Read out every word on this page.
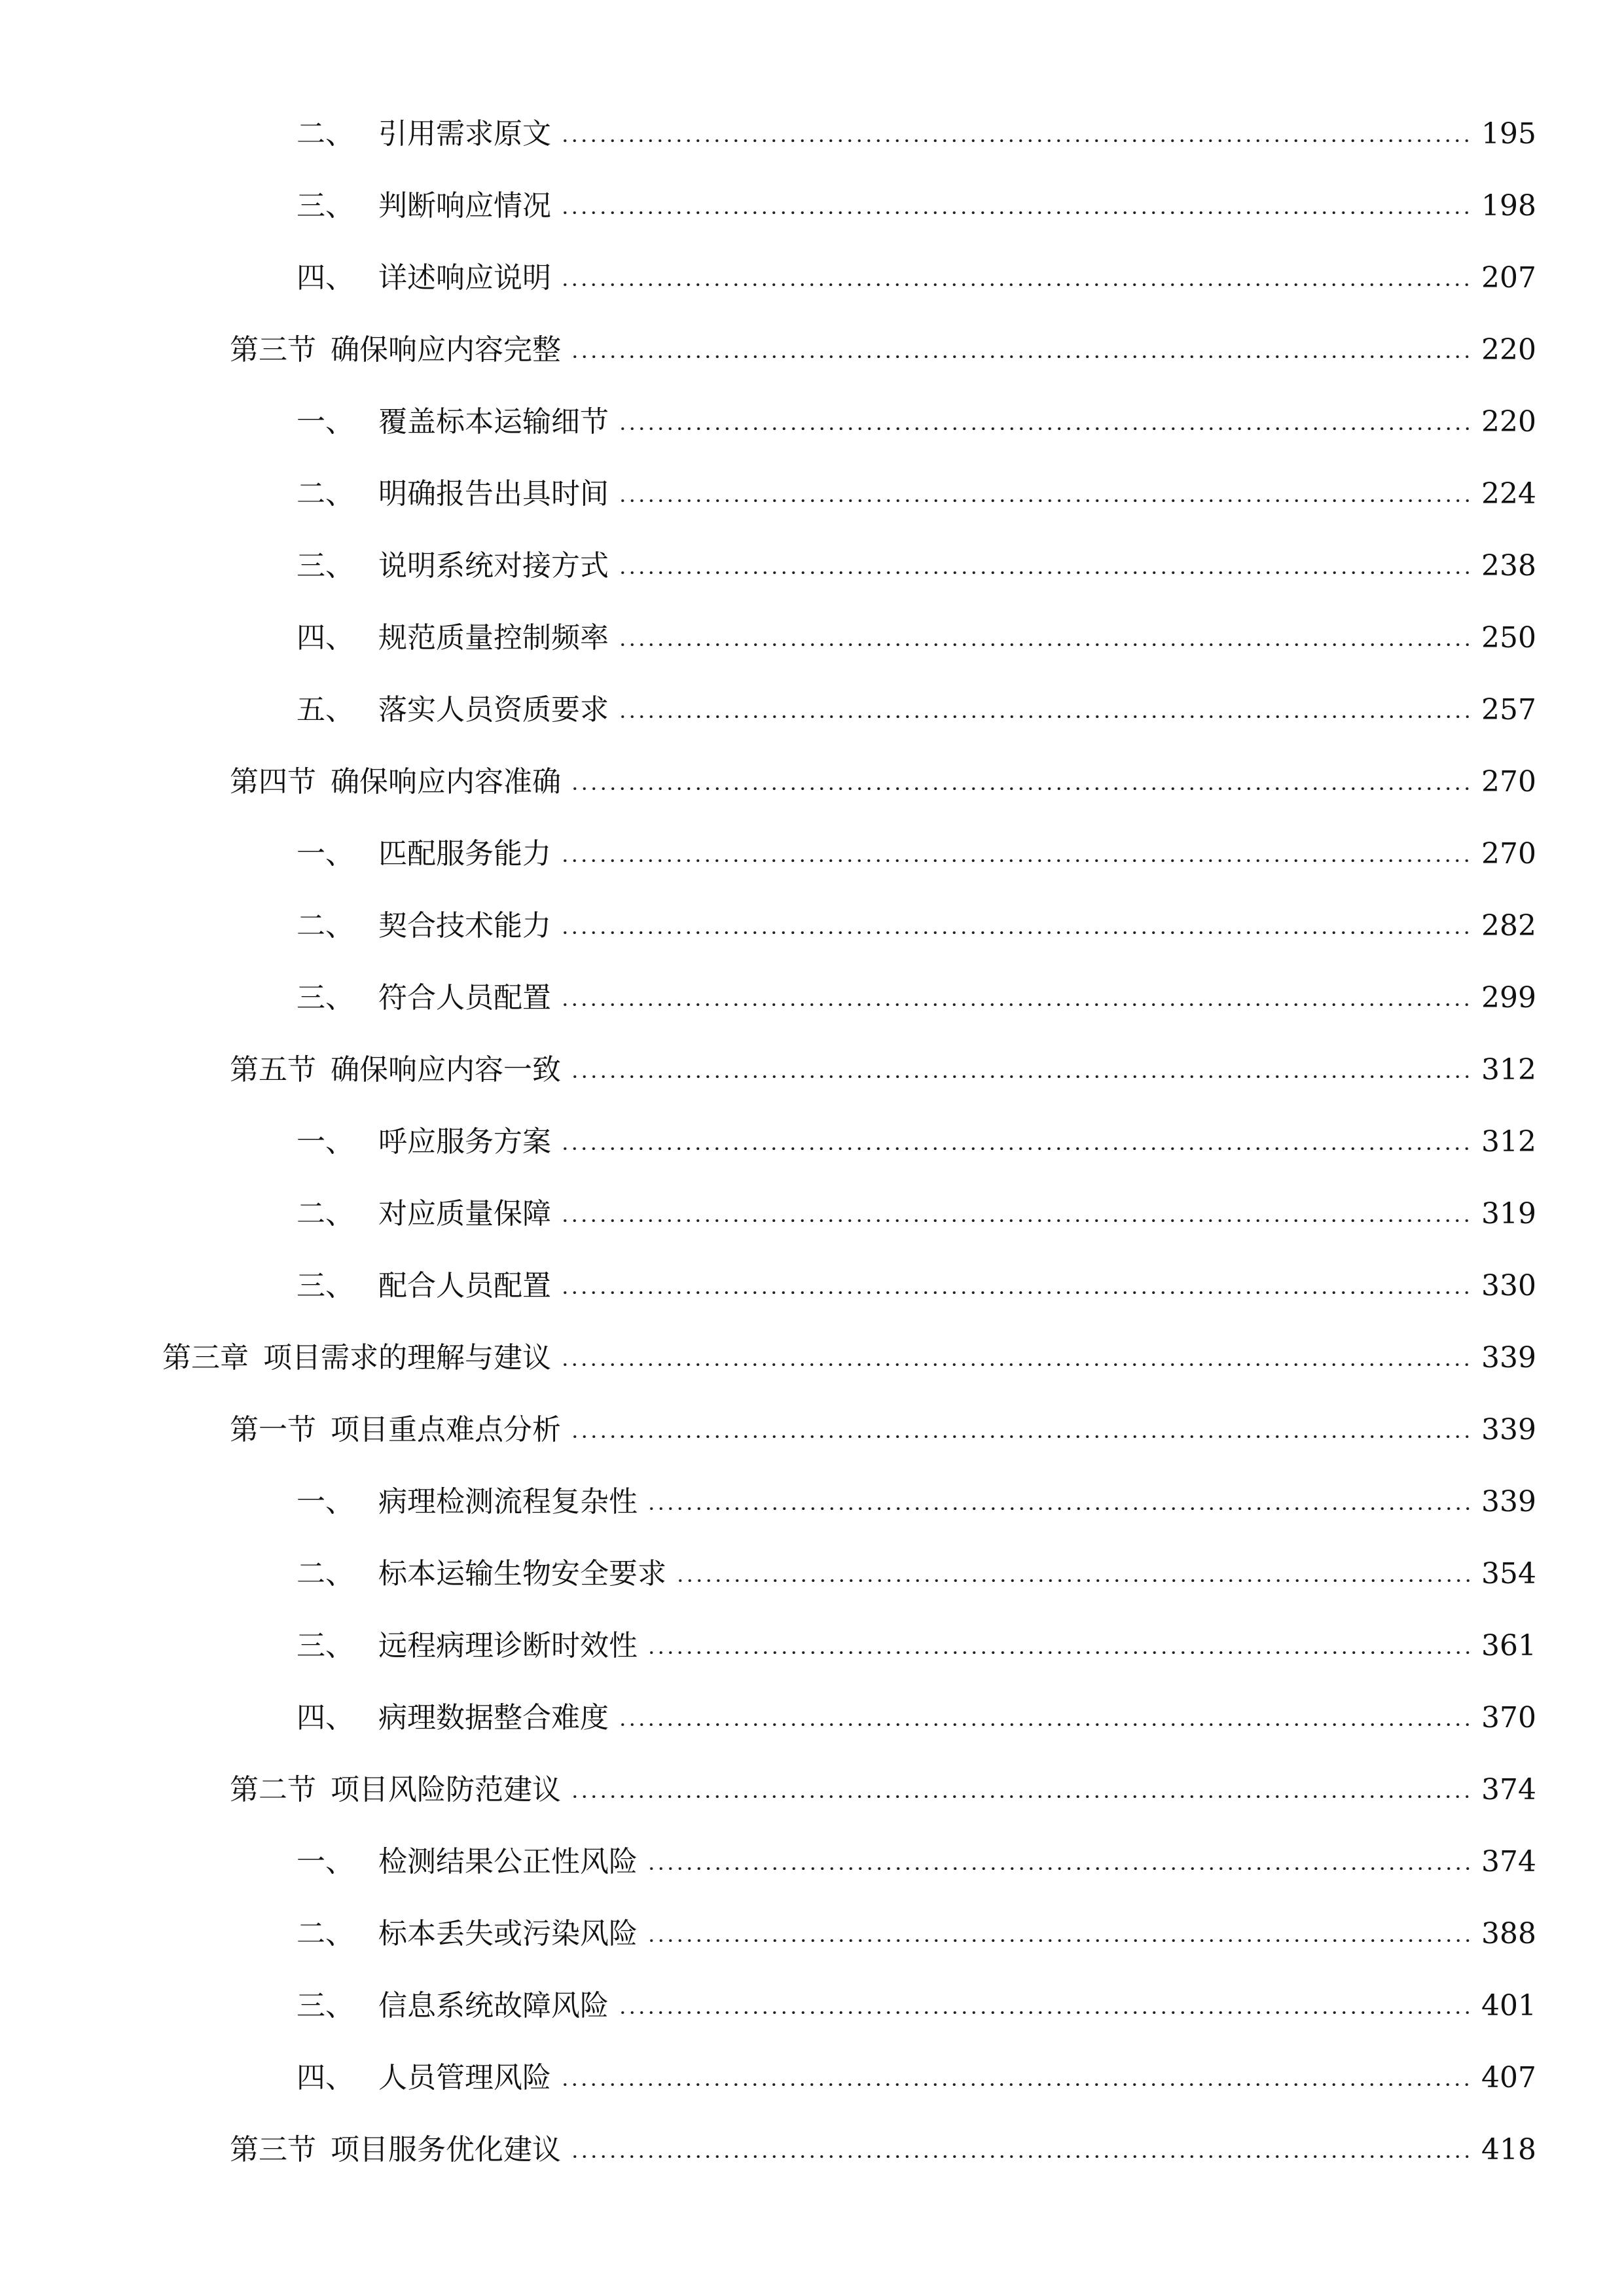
二、 引用需求原文	195
三、 判断响应情况	198
四、 详述响应说明	207
第三节 确保响应内容完整	220
一、 覆盖标本运输细节	220
二、 明确报告出具时间	224
三、 说明系统对接方式	238
四、 规范质量控制频率	250
五、 落实人员资质要求	257
第四节 确保响应内容准确	270
一、 匹配服务能力	270
二、 契合技术能力	282
三、 符合人员配置	299
第五节 确保响应内容一致	312
一、 呼应服务方案	312
二、 对应质量保障	319
三、 配合人员配置	330
第三章 项目需求的理解与建议	339
第一节 项目重点难点分析	339
一、 病理检测流程复杂性	339
二、 标本运输生物安全要求	354
三、 远程病理诊断时效性	361
四、 病理数据整合难度	370
第二节 项目风险防范建议	374
一、 检测结果公正性风险	374
二、 标本丢失或污染风险	388
三、 信息系统故障风险	401
四、 人员管理风险	407
第三节 项目服务优化建议	418
